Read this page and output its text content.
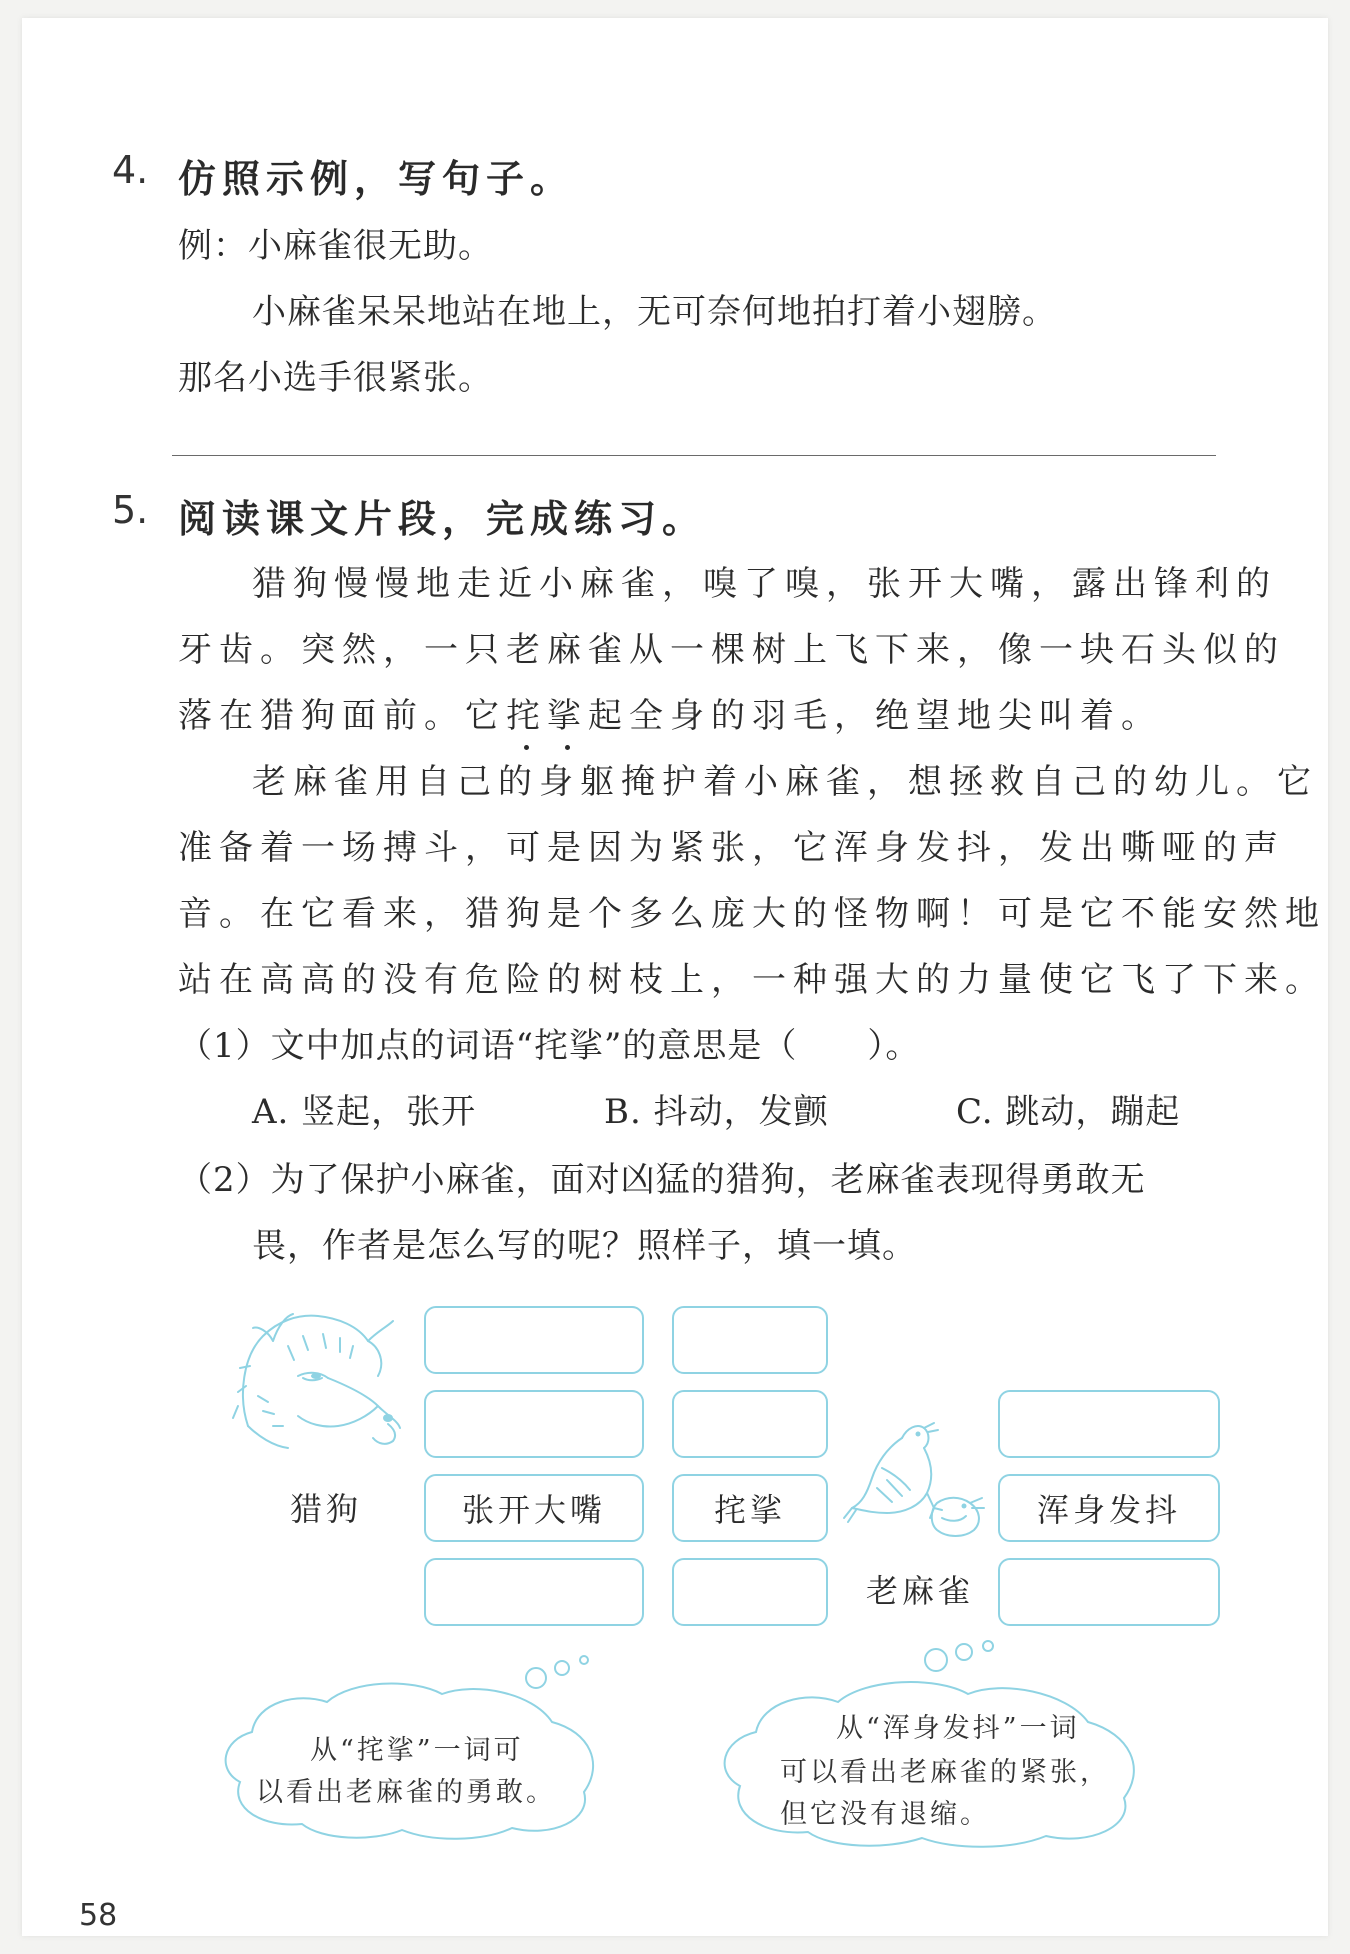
4. 仿照示例，写句子。
例：小麻雀很无助。
小麻雀呆呆地站在地上，无可奈何地拍打着小翅膀。
那名小选手很紧张。
5. 阅读课文片段，完成练习。
猎狗慢慢地走近小麻雀，嗅了嗅，张开大嘴，露出锋利的
牙齿。突然，一只老麻雀从一棵树上飞下来，像一块石头似的
落在猎狗面前。它挓挲起全身的羽毛，绝望地尖叫着。
老麻雀用自己的身躯掩护着小麻雀，想拯救自己的幼儿。它
准备着一场搏斗，可是因为紧张，它浑身发抖，发出嘶哑的声
音。在它看来，猎狗是个多么庞大的怪物啊！可是它不能安然地
站在高高的没有危险的树枝上，一种强大的力量使它飞了下来。
（1）文中加点的词语“挓挲”的意思是（　　）。
A. 竖起，张开	B. 抖动，发颤	C. 跳动，蹦起
（2）为了保护小麻雀，面对凶猛的猎狗，老麻雀表现得勇敢无
畏，作者是怎么写的呢？照样子，填一填。
猎狗
老麻雀
张开大嘴	挓挲	浑身发抖
从“挓挲”一词可
以看出老麻雀的勇敢。
从“浑身发抖”一词
可以看出老麻雀的紧张，
但它没有退缩。
58
